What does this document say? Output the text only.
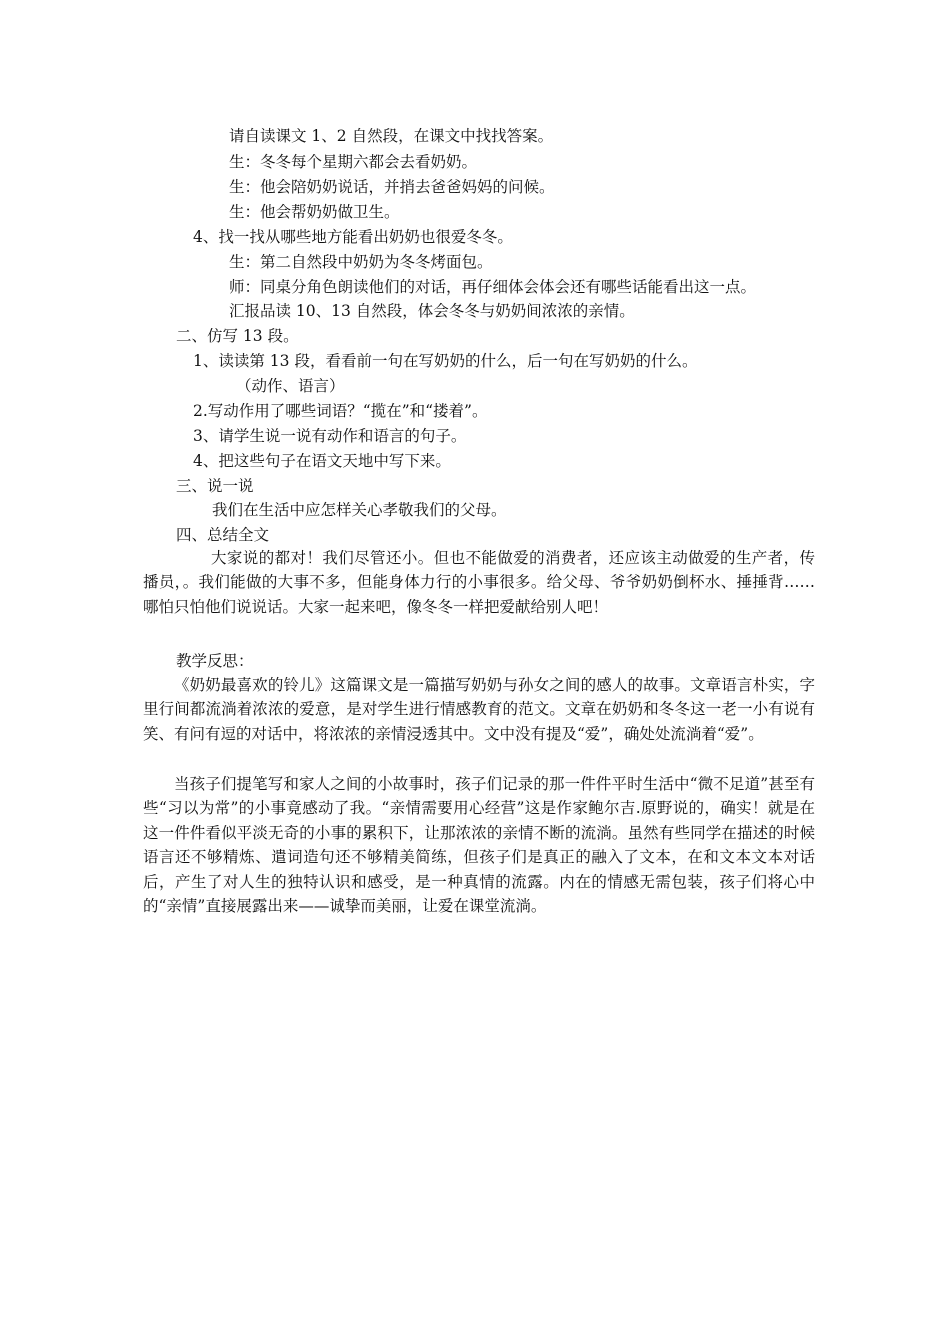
请自读课文 1、2 自然段，在课文中找找答案。
生：冬冬每个星期六都会去看奶奶。
生：他会陪奶奶说话，并捎去爸爸妈妈的问候。
生：他会帮奶奶做卫生。
4、找一找从哪些地方能看出奶奶也很爱冬冬。
生：第二自然段中奶奶为冬冬烤面包。
师：同桌分角色朗读他们的对话，再仔细体会体会还有哪些话能看出这一点。
汇报品读 10、13 自然段，体会冬冬与奶奶间浓浓的亲情。
二、仿写 13 段。
1、读读第 13 段，看看前一句在写奶奶的什么，后一句在写奶奶的什么。
（动作、语言）
2.写动作用了哪些词语？“揽在”和“搂着”。
3、请学生说一说有动作和语言的句子。
4、把这些句子在语文天地中写下来。
三、说一说
我们在生活中应怎样关心孝敬我们的父母。
四、总结全文
大家说的都对！我们尽管还小。但也不能做爱的消费者，还应该主动做爱的生产者，传播员，。我们能做的大事不多，但能身体力行的小事很多。给父母、爷爷奶奶倒杯水、捶捶背……哪怕只怕他们说说话。大家一起来吧，像冬冬一样把爱献给别人吧！
教学反思：
《奶奶最喜欢的铃儿》这篇课文是一篇描写奶奶与孙女之间的感人的故事。文章语言朴实，字里行间都流淌着浓浓的爱意，是对学生进行情感教育的范文。文章在奶奶和冬冬这一老一小有说有笑、有问有逗的对话中，将浓浓的亲情浸透其中。文中没有提及“爱”，确处处流淌着“爱”。
当孩子们提笔写和家人之间的小故事时，孩子们记录的那一件件平时生活中“微不足道”甚至有些“习以为常”的小事竟感动了我。“亲情需要用心经营”这是作家鲍尔吉.原野说的，确实！就是在这一件件看似平淡无奇的小事的累积下，让那浓浓的亲情不断的流淌。虽然有些同学在描述的时候语言还不够精炼、遣词造句还不够精美简练，但孩子们是真正的融入了文本，在和文本文本对话后，产生了对人生的独特认识和感受，是一种真情的流露。内在的情感无需包装，孩子们将心中的“亲情”直接展露出来——诚挚而美丽，让爱在课堂流淌。
